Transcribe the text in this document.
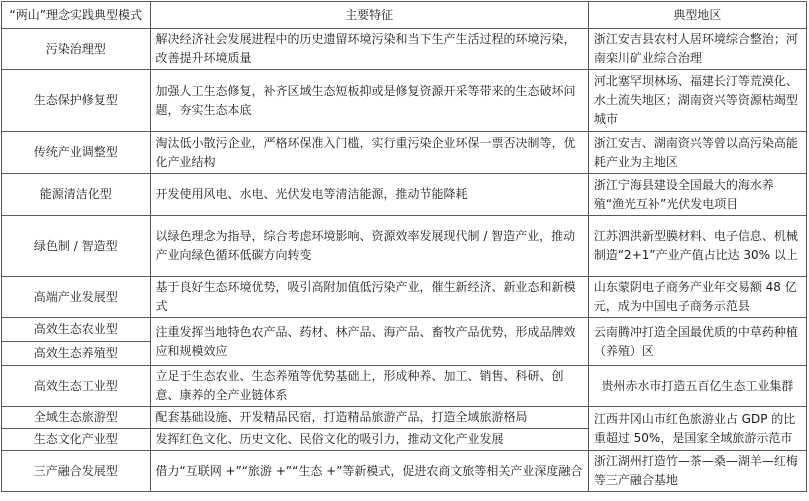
“两山”理念实践典型模式	主要特征	典型地区
污染治理型	解决经济社会发展进程中的历史遗留环境污染和当下生产生活过程的环境污染，改善提升环境质量	浙江安吉县农村人居环境综合整治；河南栾川矿业综合治理
生态保护修复型	加强人工生态修复，补齐区域生态短板抑或是修复资源开采等带来的生态破坏问题，夯实生态本底	河北塞罕坝林场、福建长汀等荒漠化、水土流失地区；湖南资兴等资源枯竭型城市
传统产业调整型	淘汰低小散污企业，严格环保准入门槛，实行重污染企业环保一票否决制等，优化产业结构	浙江安吉、湖南资兴等曾以高污染高能耗产业为主地区
能源清洁化型	开发使用风电、水电、光伏发电等清洁能源，推动节能降耗	浙江宁海县建设全国最大的海水养殖“渔光互补”光伏发电项目
绿色制 / 智造型	以绿色理念为指导，综合考虑环境影响、资源效率发展现代制 / 智造产业，推动产业向绿色循环低碳方向转变	江苏泗洪新型膜材料、电子信息、机械制造“2+1”产业产值占比达 30% 以上
高端产业发展型	基于良好生态环境优势，吸引高附加值低污染产业，催生新经济、新业态和新模式	山东蒙阴电子商务产业年交易额 48 亿元，成为中国电子商务示范县
高效生态农业型	注重发挥当地特色农产品、药材、林产品、海产品、畜牧产品优势，形成品牌效应和规模效应	云南腾冲打造全国最优质的中草药种植（养殖）区
高效生态养殖型		
高效生态工业型	立足于生态农业、生态养殖等优势基础上，形成种养、加工、销售、科研、创意、康养的全产业链体系	贵州赤水市打造五百亿生态工业集群
全域生态旅游型	配套基础设施、开发精品民宿，打造精品旅游产品，打造全域旅游格局	江西井冈山市红色旅游业占 GDP 的比重超过 50%，是国家全域旅游示范市
生态文化产业型	发挥红色文化、历史文化、民俗文化的吸引力，推动文化产业发展	
三产融合发展型	借力“互联网 +”“旅游 +”“生态 +”等新模式，促进农商文旅等相关产业深度融合	浙江湖州打造竹—茶—桑—湖羊—红梅等三产融合基地
